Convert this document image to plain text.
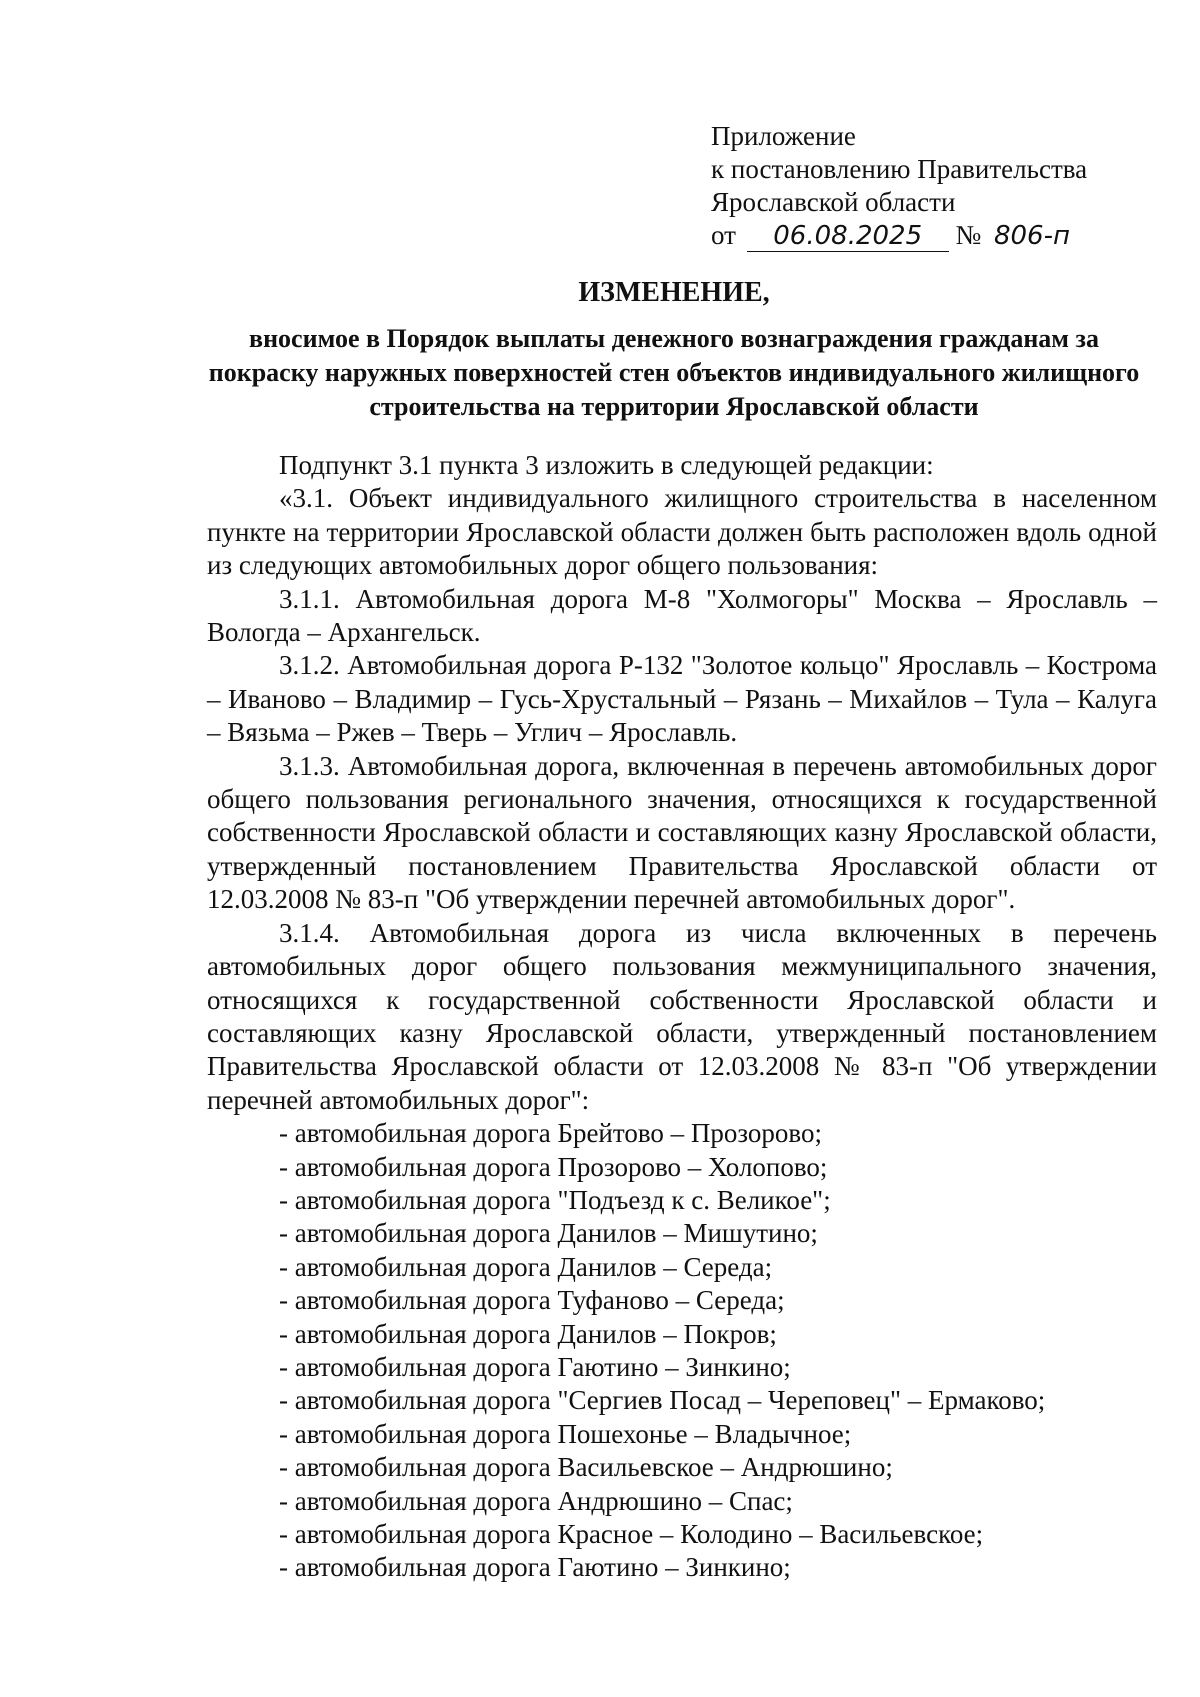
Приложение
к постановлению Правительства
Ярославской области
от 06.08.2025 № 806-п
ИЗМЕНЕНИЕ,
вносимое в Порядок выплаты денежного вознаграждения гражданам за покраску наружных поверхностей стен объектов индивидуального жилищного строительства на территории Ярославской области

Подпункт 3.1 пункта 3 изложить в следующей редакции:

«3.1. Объект индивидуального жилищного строительства в населенном пункте на территории Ярославской области должен быть расположен вдоль одной из следующих автомобильных дорог общего пользования:

3.1.1. Автомобильная дорога М-8 "Холмогоры" Москва – Ярославль – Вологда – Архангельск.

3.1.2. Автомобильная дорога Р-132 "Золотое кольцо" Ярославль – Кострома – Иваново – Владимир – Гусь-Хрустальный – Рязань – Михайлов – Тула – Калуга – Вязьма – Ржев – Тверь – Углич – Ярославль.

3.1.3. Автомобильная дорога, включенная в перечень автомобильных дорог общего пользования регионального значения, относящихся к государственной собственности Ярославской области и составляющих казну Ярославской области, утвержденный постановлением Правительства Ярославской области от 12.03.2008 № 83-п "Об утверждении перечней автомобильных дорог".

3.1.4. Автомобильная дорога из числа включенных в перечень автомобильных дорог общего пользования межмуниципального значения, относящихся к государственной собственности Ярославской области и составляющих казну Ярославской области, утвержденный постановлением Правительства Ярославской области от 12.03.2008 № 83-п "Об утверждении перечней автомобильных дорог":

- автомобильная дорога Брейтово – Прозорово;

- автомобильная дорога Прозорово – Холопово;

- автомобильная дорога "Подъезд к с. Великое";

- автомобильная дорога Данилов – Мишутино;

- автомобильная дорога Данилов – Середа;

- автомобильная дорога Туфаново – Середа;

- автомобильная дорога Данилов – Покров;

- автомобильная дорога Гаютино – Зинкино;

- автомобильная дорога "Сергиев Посад – Череповец" – Ермаково;

- автомобильная дорога Пошехонье – Владычное;

- автомобильная дорога Васильевское – Андрюшино;

- автомобильная дорога Андрюшино – Спас;

- автомобильная дорога Красное – Колодино – Васильевское;

- автомобильная дорога Гаютино – Зинкино;
